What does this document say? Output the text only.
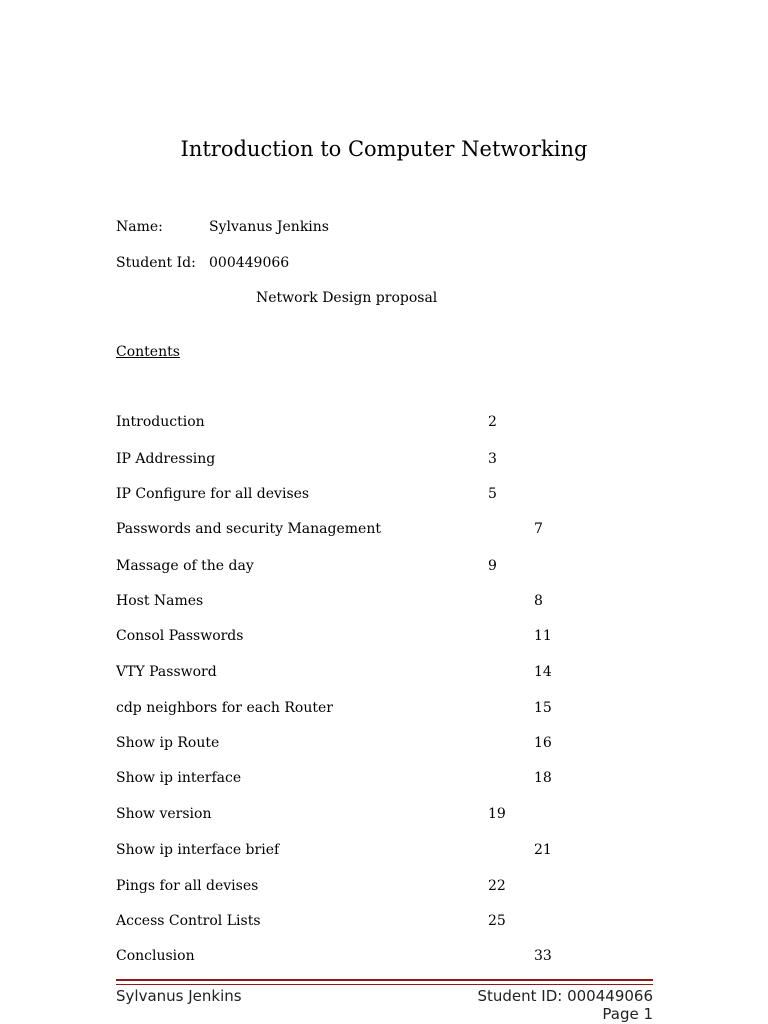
Introduction to Computer Networking
Name:	Sylvanus Jenkins
Student Id: 000449066
Network Design proposal
Contents
Introduction	2
IP Addressing	3
IP Configure for all devises	5
Passwords and security Management	7
Massage of the day	9
Host Names	8
Consol Passwords	11
VTY Password	14
cdp neighbors for each Router	15
Show ip Route	16
Show ip interface	18
Show version	19
Show ip interface brief	21
Pings for all devises	22
Access Control Lists	25
Conclusion	33
Sylvanus Jenkins	Student ID: 000449066
Page 1
